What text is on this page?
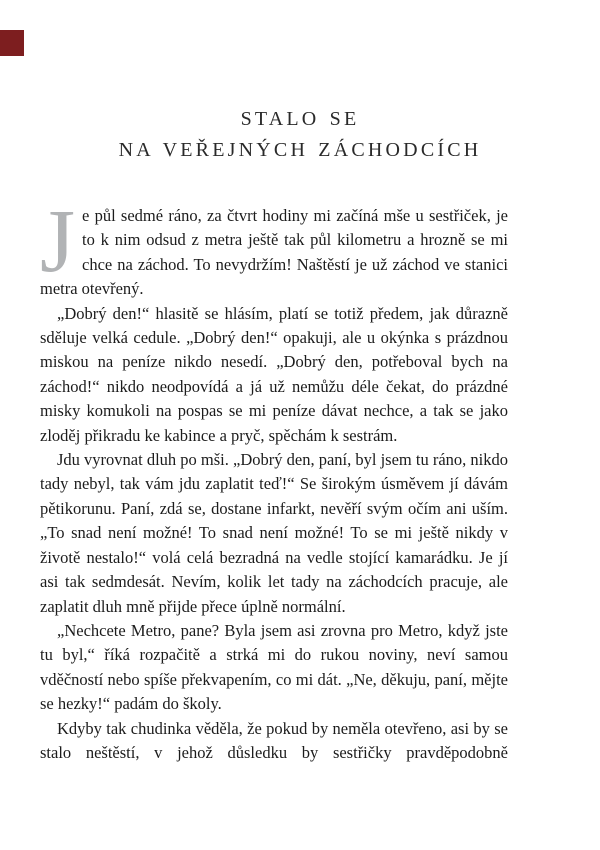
STALO SE
NA VEŘEJNÝCH ZÁCHODCÍCH

Je půl sedmé ráno, za čtvrt hodiny mi začíná mše u sestřiček, je to k nim odsud z metra ještě tak půl kilometru a hrozně se mi chce na záchod. To nevydržím! Naštěstí je už záchod ve stanici metra otevřený.

„Dobrý den!“ hlasitě se hlásím, platí se totiž předem, jak důrazně sděluje velká cedule. „Dobrý den!“ opakuji, ale u okýnka s prázdnou miskou na peníze nikdo nesedí. „Dobrý den, potřeboval bych na záchod!“ nikdo neodpovídá a já už nemůžu déle čekat, do prázdné misky komukoli na pospas se mi peníze dávat nechce, a tak se jako zloděj přikradu ke kabince a pryč, spěchám k sestrám.

Jdu vyrovnat dluh po mši. „Dobrý den, paní, byl jsem tu ráno, nikdo tady nebyl, tak vám jdu zaplatit teď!“ Se širokým úsměvem jí dávám pětikorunu. Paní, zdá se, dostane infarkt, nevěří svým očím ani uším. „To snad není možné! To snad není možné! To se mi ještě nikdy v životě nestalo!“ volá celá bezradná na vedle stojící kamarádku. Je jí asi tak sedmdesát. Nevím, kolik let tady na záchodcích pracuje, ale zaplatit dluh mně přijde přece úplně normální.

„Nechcete Metro, pane? Byla jsem asi zrovna pro Metro, když jste tu byl,“ říká rozpačitě a strká mi do rukou noviny, neví samou vděčností nebo spíše překvapením, co mi dát. „Ne, děkuju, paní, mějte se hezky!“ padám do školy.

Kdyby tak chudinka věděla, že pokud by neměla otevřeno, asi by se stalo neštěstí, v jehož důsledku by sestřičky pravděpodobně
